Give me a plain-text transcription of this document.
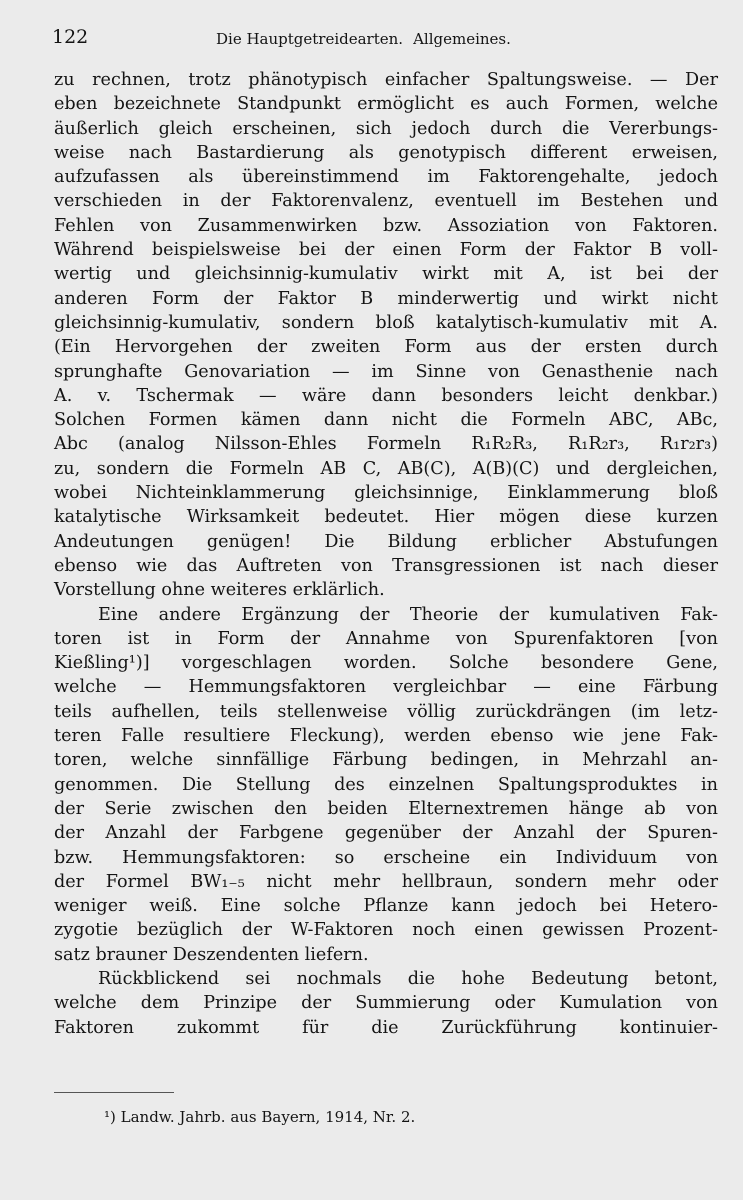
122	Die Hauptgetreidearten. Allgemeines.
zu rechnen, trotz phänotypisch einfacher Spaltungsweise. — Der
eben bezeichnete Standpunkt ermöglicht es auch Formen, welche
äußerlich gleich erscheinen, sich jedoch durch die Vererbungs-
weise nach Bastardierung als genotypisch different erweisen,
aufzufassen als übereinstimmend im Faktorengehalte, jedoch
verschieden in der Faktorenvalenz, eventuell im Bestehen und
Fehlen von Zusammenwirken bzw. Assoziation von Faktoren.
Während beispielsweise bei der einen Form der Faktor B voll-
wertig und gleichsinnig-kumulativ wirkt mit A, ist bei der
anderen Form der Faktor B minderwertig und wirkt nicht
gleichsinnig-kumulativ, sondern bloß katalytisch-kumulativ mit A.
(Ein Hervorgehen der zweiten Form aus der ersten durch
sprunghafte Genovariation — im Sinne von Genasthenie nach
A. v. Tschermak — wäre dann besonders leicht denkbar.)
Solchen Formen kämen dann nicht die Formeln ABC, ABc,
Abc (analog Nilsson-Ehles Formeln R₁R₂R₃, R₁R₂r₃, R₁r₂r₃)
zu, sondern die Formeln AB C, AB(C), A(B)(C) und dergleichen,
wobei Nichteinklammerung gleichsinnige, Einklammerung bloß
katalytische Wirksamkeit bedeutet. Hier mögen diese kurzen
Andeutungen genügen! Die Bildung erblicher Abstufungen
ebenso wie das Auftreten von Transgressionen ist nach dieser
Vorstellung ohne weiteres erklärlich.
Eine andere Ergänzung der Theorie der kumulativen Fak-
toren ist in Form der Annahme von Spurenfaktoren [von
Kießling¹)] vorgeschlagen worden. Solche besondere Gene,
welche — Hemmungsfaktoren vergleichbar — eine Färbung
teils aufhellen, teils stellenweise völlig zurückdrängen (im letz-
teren Falle resultiere Fleckung), werden ebenso wie jene Fak-
toren, welche sinnfällige Färbung bedingen, in Mehrzahl an-
genommen. Die Stellung des einzelnen Spaltungsproduktes in
der Serie zwischen den beiden Elternextremen hänge ab von
der Anzahl der Farbgene gegenüber der Anzahl der Spuren-
bzw. Hemmungsfaktoren: so erscheine ein Individuum von
der Formel BW₁₋₅ nicht mehr hellbraun, sondern mehr oder
weniger weiß. Eine solche Pflanze kann jedoch bei Hetero-
zygotie bezüglich der W-Faktoren noch einen gewissen Prozent-
satz brauner Deszendenten liefern.
Rückblickend sei nochmals die hohe Bedeutung betont,
welche dem Prinzipe der Summierung oder Kumulation von
Faktoren zukommt für die Zurückführung kontinuier-
¹) Landw. Jahrb. aus Bayern, 1914, Nr. 2.
